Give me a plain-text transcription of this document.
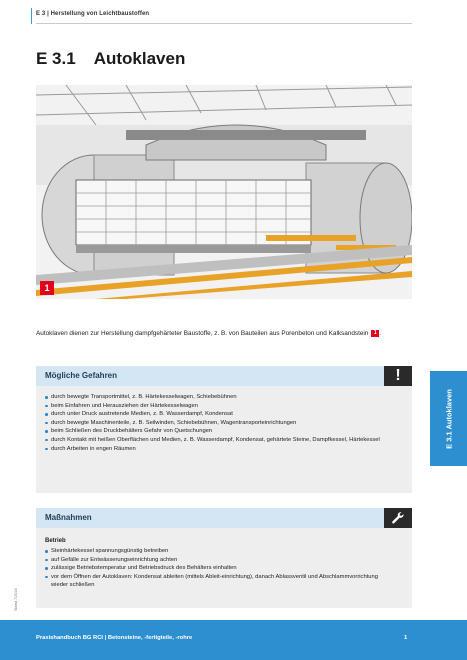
E 3 | Herstellung von Leichtbaustoffen
E 3.1 Autoklaven
1
Autoklaven dienen zur Herstellung dampfgehärteter Baustoffe, z. B. von Bauteilen aus Porenbeton und Kalksandstein 1 .
Mögliche Gefahren	!
durch bewegte Transportmittel, z. B. Härtekesselwagen, Schiebebühnen
beim Einfahren und Herausziehen der Härtekesselwagen
durch unter Druck austretende Medien, z. B. Wasserdampf, Kondensat
durch bewegte Maschinenteile, z. B. Seilwinden, Schiebebühnen, Wagentransporteinrichtungen
beim Schließen des Druckbehälters Gefahr von Quetschungen
durch Kontakt mit heißen Oberflächen und Medien, z. B. Wasserdampf, Kondensat, gehärtete Steine, Dampfkessel, Härtekessel
durch Arbeiten in engen Räumen
Maßnahmen
Betrieb
Steinhärtekessel spannungsgünstig betreiben
auf Gefälle zur Entwässerungseinrichtung achten
zulässige Betriebstemperatur und Betriebsdruck des Behälters einhalten
vor dem Öffnen der Autoklaven: Kondensat ableiten (mittels Ableit-einrichtung), danach Ablassventil und Abschlammvorrichtung wieder schließen
E 3.1 Autoklaven
Stand 7/2016
Praxishandbuch BG RCI | Betonsteine, -fertigteile, -rohre	1
